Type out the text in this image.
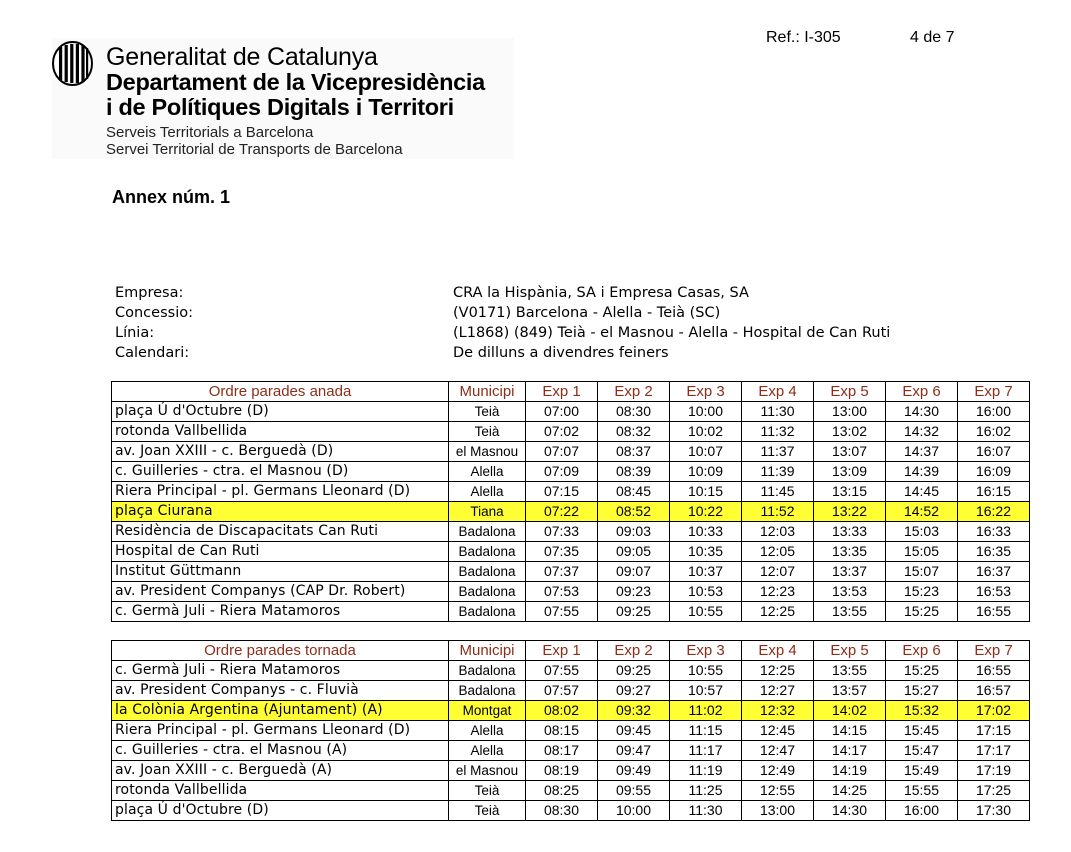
Ref.: I-305	4 de 7
Generalitat de Catalunya
Departament de la Vicepresidència
i de Polítiques Digitals i Territori
Serveis Territorials a Barcelona
Servei Territorial de Transports de Barcelona
Annex núm. 1
Empresa:	CRA la Hispània, SA i Empresa Casas, SA
Concessio:	(V0171) Barcelona - Alella - Teià (SC)
Línia:	(L1868) (849) Teià - el Masnou - Alella - Hospital de Can Ruti
Calendari:	De dilluns a divendres feiners
Ordre parades anada	Municipi	Exp 1	Exp 2	Exp 3	Exp 4	Exp 5	Exp 6	Exp 7
plaça Ú d'Octubre (D)	Teià	07:00	08:30	10:00	11:30	13:00	14:30	16:00
rotonda Vallbellida	Teià	07:02	08:32	10:02	11:32	13:02	14:32	16:02
av. Joan XXIII - c. Berguedà (D)	el Masnou	07:07	08:37	10:07	11:37	13:07	14:37	16:07
c. Guilleries - ctra. el Masnou (D)	Alella	07:09	08:39	10:09	11:39	13:09	14:39	16:09
Riera Principal - pl. Germans Lleonard (D)	Alella	07:15	08:45	10:15	11:45	13:15	14:45	16:15
plaça Ciurana	Tiana	07:22	08:52	10:22	11:52	13:22	14:52	16:22
Residència de Discapacitats Can Ruti	Badalona	07:33	09:03	10:33	12:03	13:33	15:03	16:33
Hospital de Can Ruti	Badalona	07:35	09:05	10:35	12:05	13:35	15:05	16:35
Institut Güttmann	Badalona	07:37	09:07	10:37	12:07	13:37	15:07	16:37
av. President Companys (CAP Dr. Robert)	Badalona	07:53	09:23	10:53	12:23	13:53	15:23	16:53
c. Germà Juli - Riera Matamoros	Badalona	07:55	09:25	10:55	12:25	13:55	15:25	16:55
Ordre parades tornada	Municipi	Exp 1	Exp 2	Exp 3	Exp 4	Exp 5	Exp 6	Exp 7
c. Germà Juli - Riera Matamoros	Badalona	07:55	09:25	10:55	12:25	13:55	15:25	16:55
av. President Companys - c. Fluvià	Badalona	07:57	09:27	10:57	12:27	13:57	15:27	16:57
la Colònia Argentina (Ajuntament) (A)	Montgat	08:02	09:32	11:02	12:32	14:02	15:32	17:02
Riera Principal - pl. Germans Lleonard (D)	Alella	08:15	09:45	11:15	12:45	14:15	15:45	17:15
c. Guilleries - ctra. el Masnou (A)	Alella	08:17	09:47	11:17	12:47	14:17	15:47	17:17
av. Joan XXIII - c. Berguedà (A)	el Masnou	08:19	09:49	11:19	12:49	14:19	15:49	17:19
rotonda Vallbellida	Teià	08:25	09:55	11:25	12:55	14:25	15:55	17:25
plaça Ú d'Octubre (D)	Teià	08:30	10:00	11:30	13:00	14:30	16:00	17:30
